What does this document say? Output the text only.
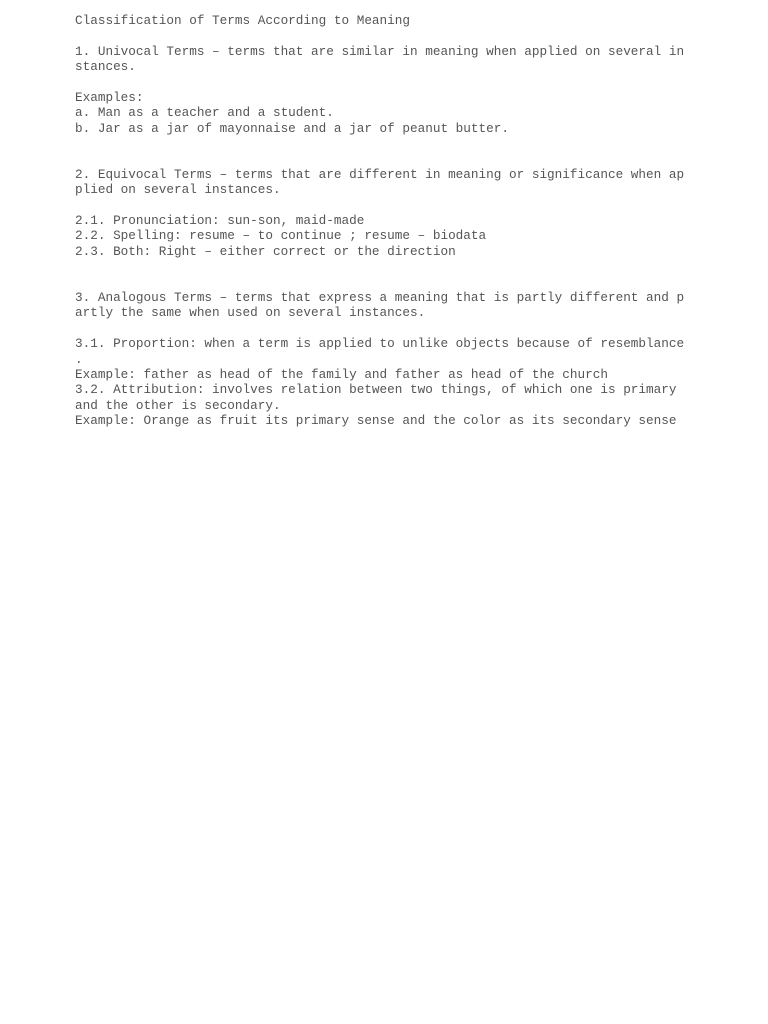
Classification of Terms According to Meaning
1. Univocal Terms – terms that are similar in meaning when applied on several in
stances.
Examples:
a. Man as a teacher and a student.
b. Jar as a jar of mayonnaise and a jar of peanut butter.
2. Equivocal Terms – terms that are different in meaning or significance when ap
plied on several instances.
2.1. Pronunciation: sun-son, maid-made
2.2. Spelling: resume – to continue ; resume – biodata
2.3. Both: Right – either correct or the direction
3. Analogous Terms – terms that express a meaning that is partly different and p
artly the same when used on several instances.
3.1. Proportion: when a term is applied to unlike objects because of resemblance
.
Example: father as head of the family and father as head of the church
3.2. Attribution: involves relation between two things, of which one is primary
and the other is secondary.
Example: Orange as fruit its primary sense and the color as its secondary sense
